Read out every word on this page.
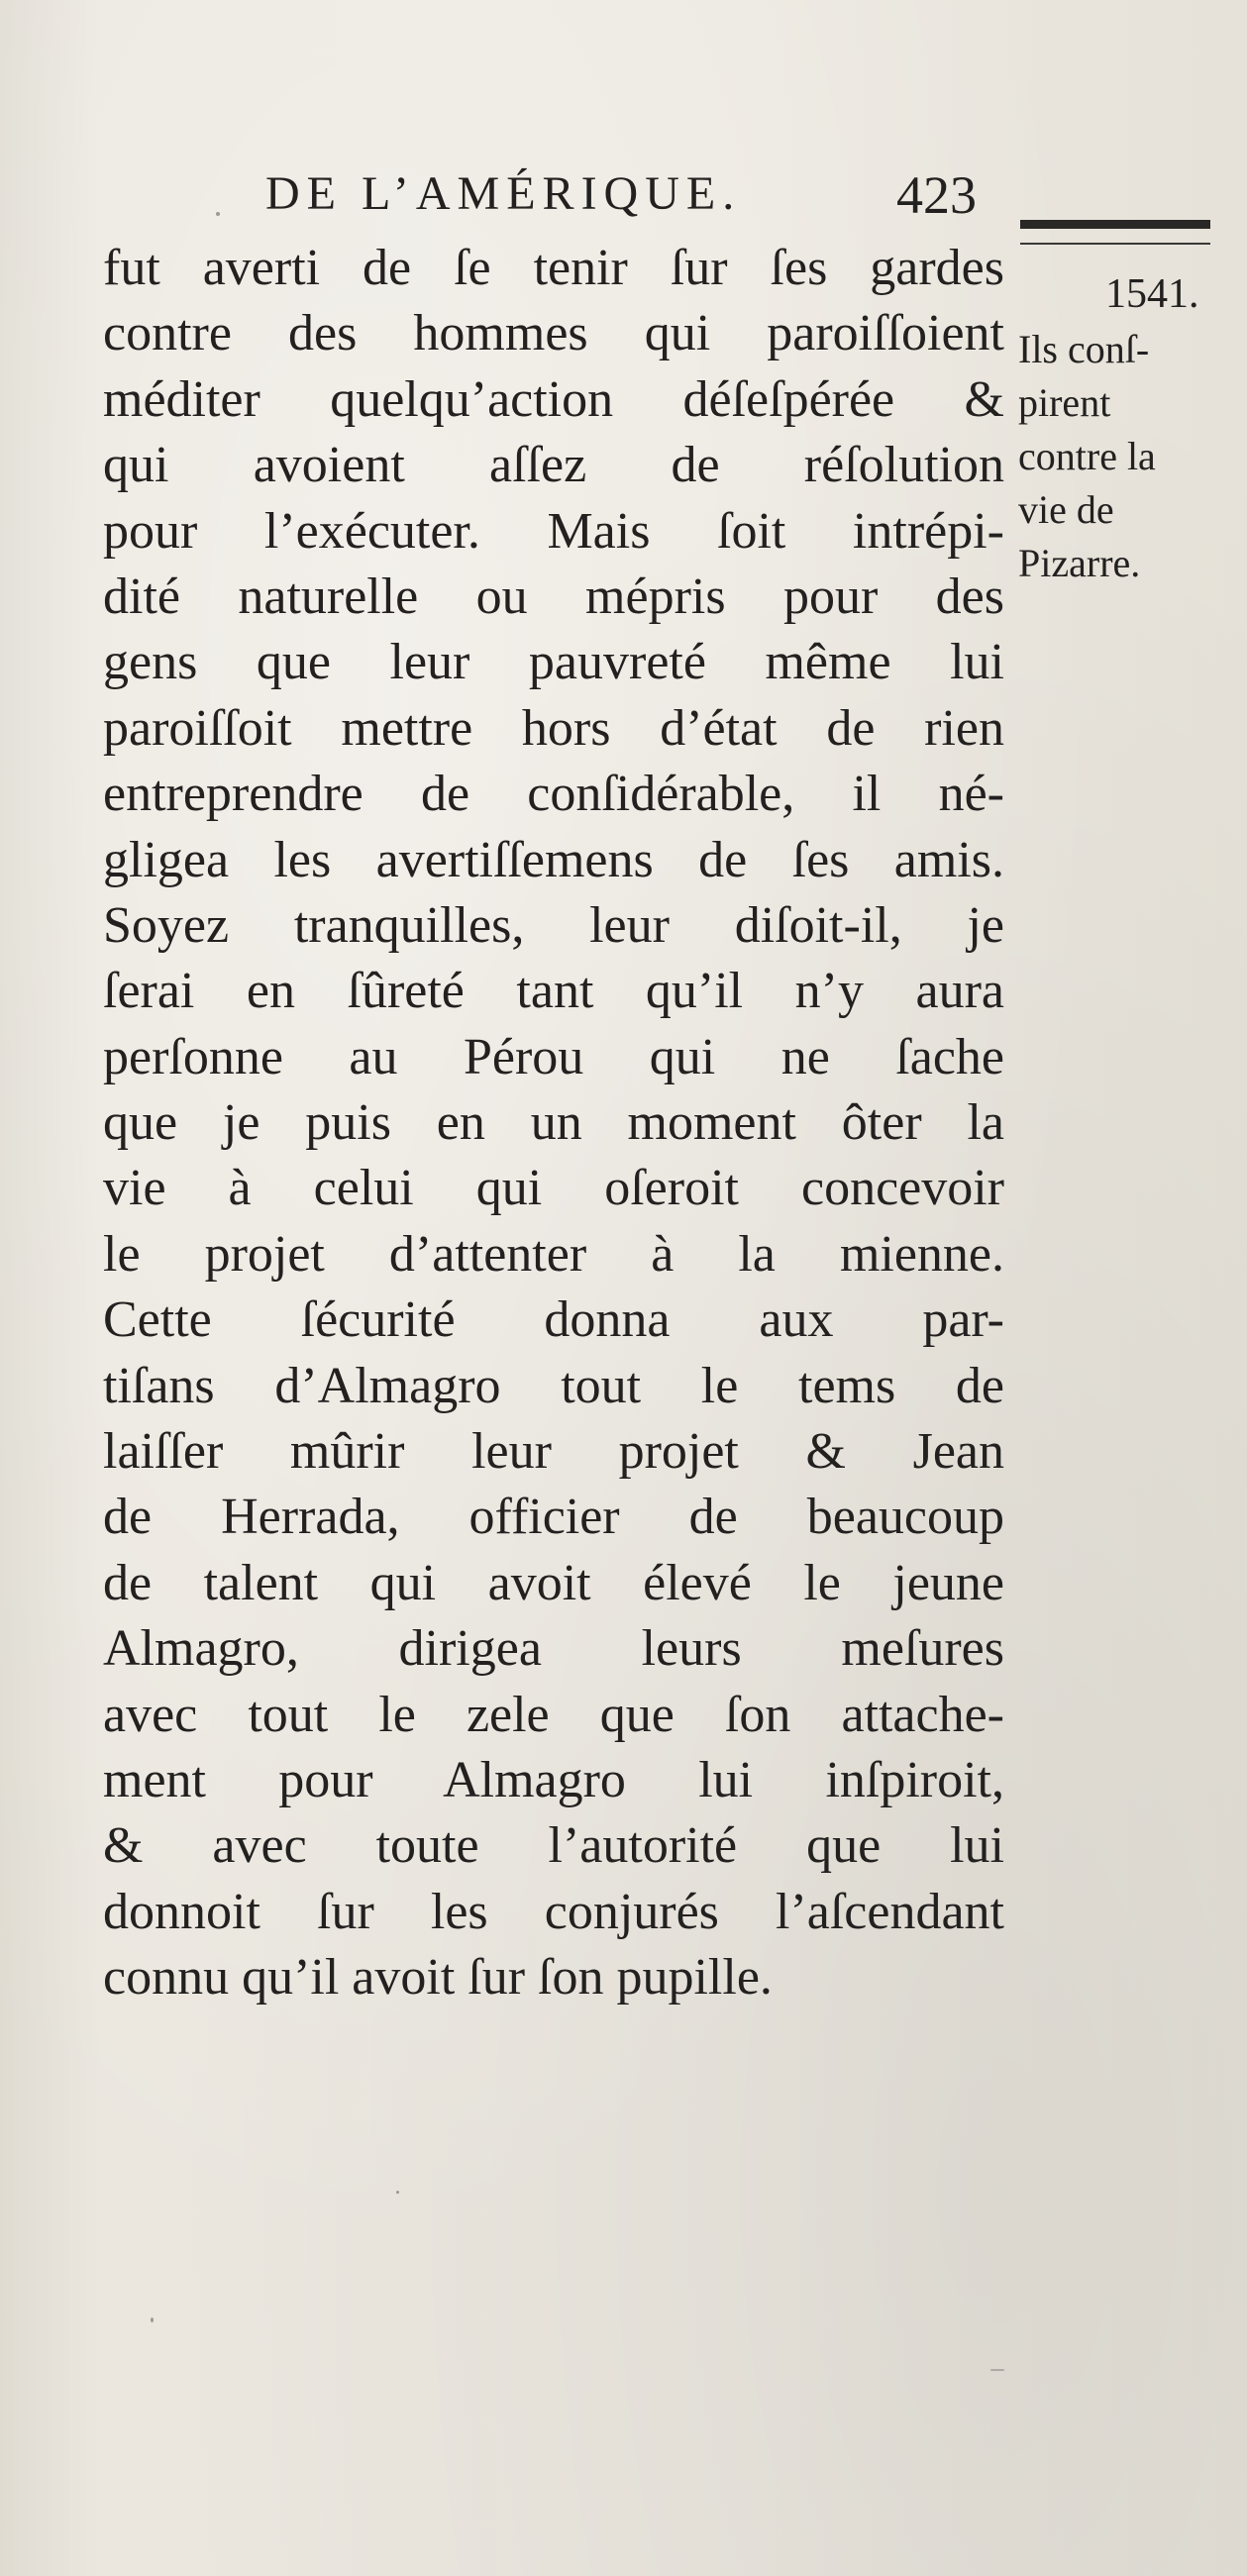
DE L’AMÉRIQUE.	423
fut averti de ſe tenir ſur ſes gardes
contre des hommes qui paroiſſoient
méditer quelqu’action déſeſpérée &
qui avoient aſſez de réſolution
pour l’exécuter. Mais ſoit intrépi-
dité naturelle ou mépris pour des
gens que leur pauvreté même lui
paroiſſoit mettre hors d’état de rien
entreprendre de conſidérable, il né-
gligea les avertiſſemens de ſes amis.
Soyez tranquilles, leur diſoit-il, je
ſerai en ſûreté tant qu’il n’y aura
perſonne au Pérou qui ne ſache
que je puis en un moment ôter la
vie à celui qui oſeroit concevoir
le projet d’attenter à la mienne.
Cette ſécurité donna aux par-
tiſans d’Almagro tout le tems de
laiſſer mûrir leur projet & Jean
de Herrada, officier de beaucoup
de talent qui avoit élevé le jeune
Almagro, dirigea leurs meſures
avec tout le zele que ſon attache-
ment pour Almagro lui inſpiroit,
& avec toute l’autorité que lui
donnoit ſur les conjurés l’aſcendant
connu qu’il avoit ſur ſon pupille.
1541.
Ils conſ-
pirent
contre la
vie de
Pizarre.
